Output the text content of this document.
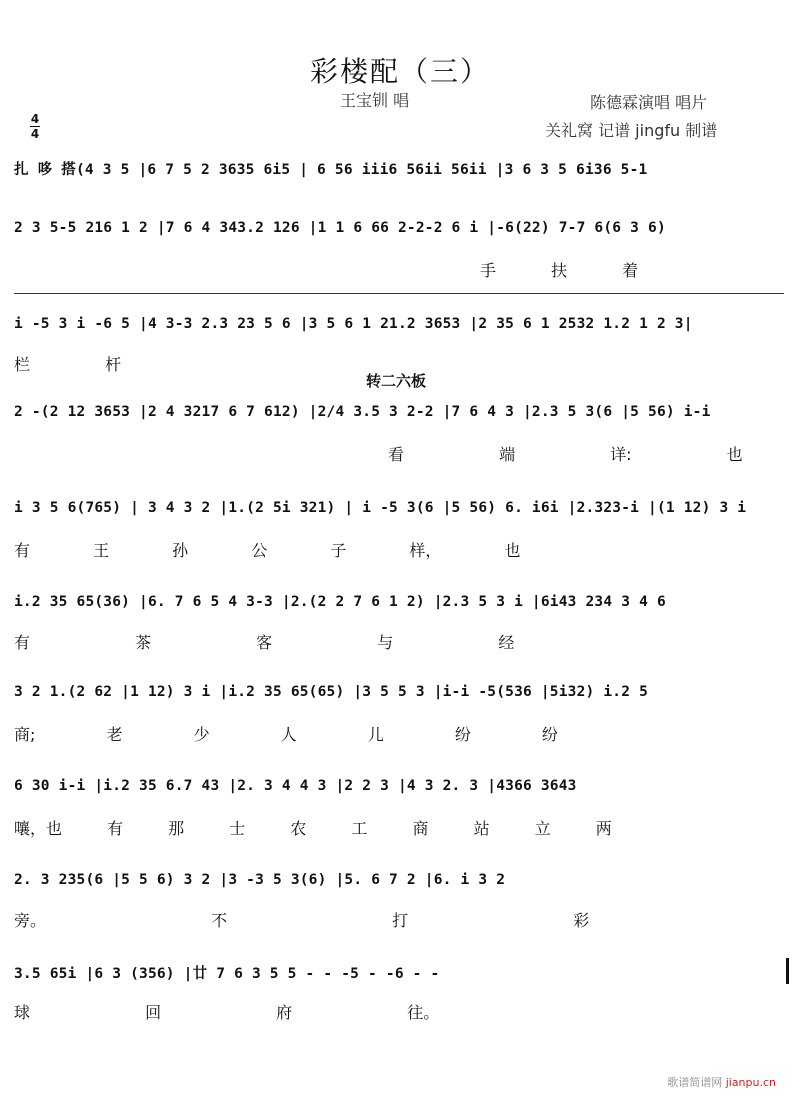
彩楼配（三）
王宝钏 唱	陈德霖演唱 唱片
关礼窝 记谱 jingfu 制谱
4
4
扎 哆 搭(4 3 5 |6 7 5 2 3635 6i5 | 6 56 iii6 56ii 56ii |3 6 3 5 6i36 5-1
2 3 5-5 216 1 2 |7 6 4 343.2 126 |1 1 6 66 2-2-2 6 i |-6(22) 7-7 6(6 3 6)
手 扶 着
i -5 3 i -6 5 |4 3-3 2.3 23 5 6 |3 5 6 1 21.2 3653 |2 35 6 1 2532 1.2 1 2 3|
栏 杆
转二六板
2 -(2 12 3653 |2 4 3217 6 7 612) |2/4 3.5 3 2-2 |7 6 4 3 |2.3 5 3(6 |5 56) i-i
看 端 详: 也
i 3 5 6(765) | 3 4 3 2 |1.(2 5i 321) | i -5 3(6 |5 56) 6. i6i |2.323-i |(1 12) 3 i
有 王 孙 公 子 样， 也
i.2 35 65(36) |6. 7 6 5 4 3-3 |2.(2 2 7 6 1 2) |2.3 5 3 i |6i43 234 3 4 6
有 茶 客 与 经
3 2 1.(2 62 |1 12) 3 i |i.2 35 65(65) |3 5 5 3 |i-i -5(536 |5i32) i.2 5
商; 老 少 人 儿 纷 纷
6 30 i-i |i.2 35 6.7 43 |2. 3 4 4 3 |2 2 3 |4 3 2. 3 |4366 3643
嚷，也 有 那 士 农 工 商 站 立 两
2. 3 235(6 |5 5 6) 3 2 |3 -3 5 3(6) |5. 6 7 2 |6. i 3 2
旁。 不 打 彩
3.5 65i |6 3 (356) |廿 7 6 3 5 5 - - -5 - -6 - -
球 回 府 往。
歌谱简谱网 jianpu.cn
